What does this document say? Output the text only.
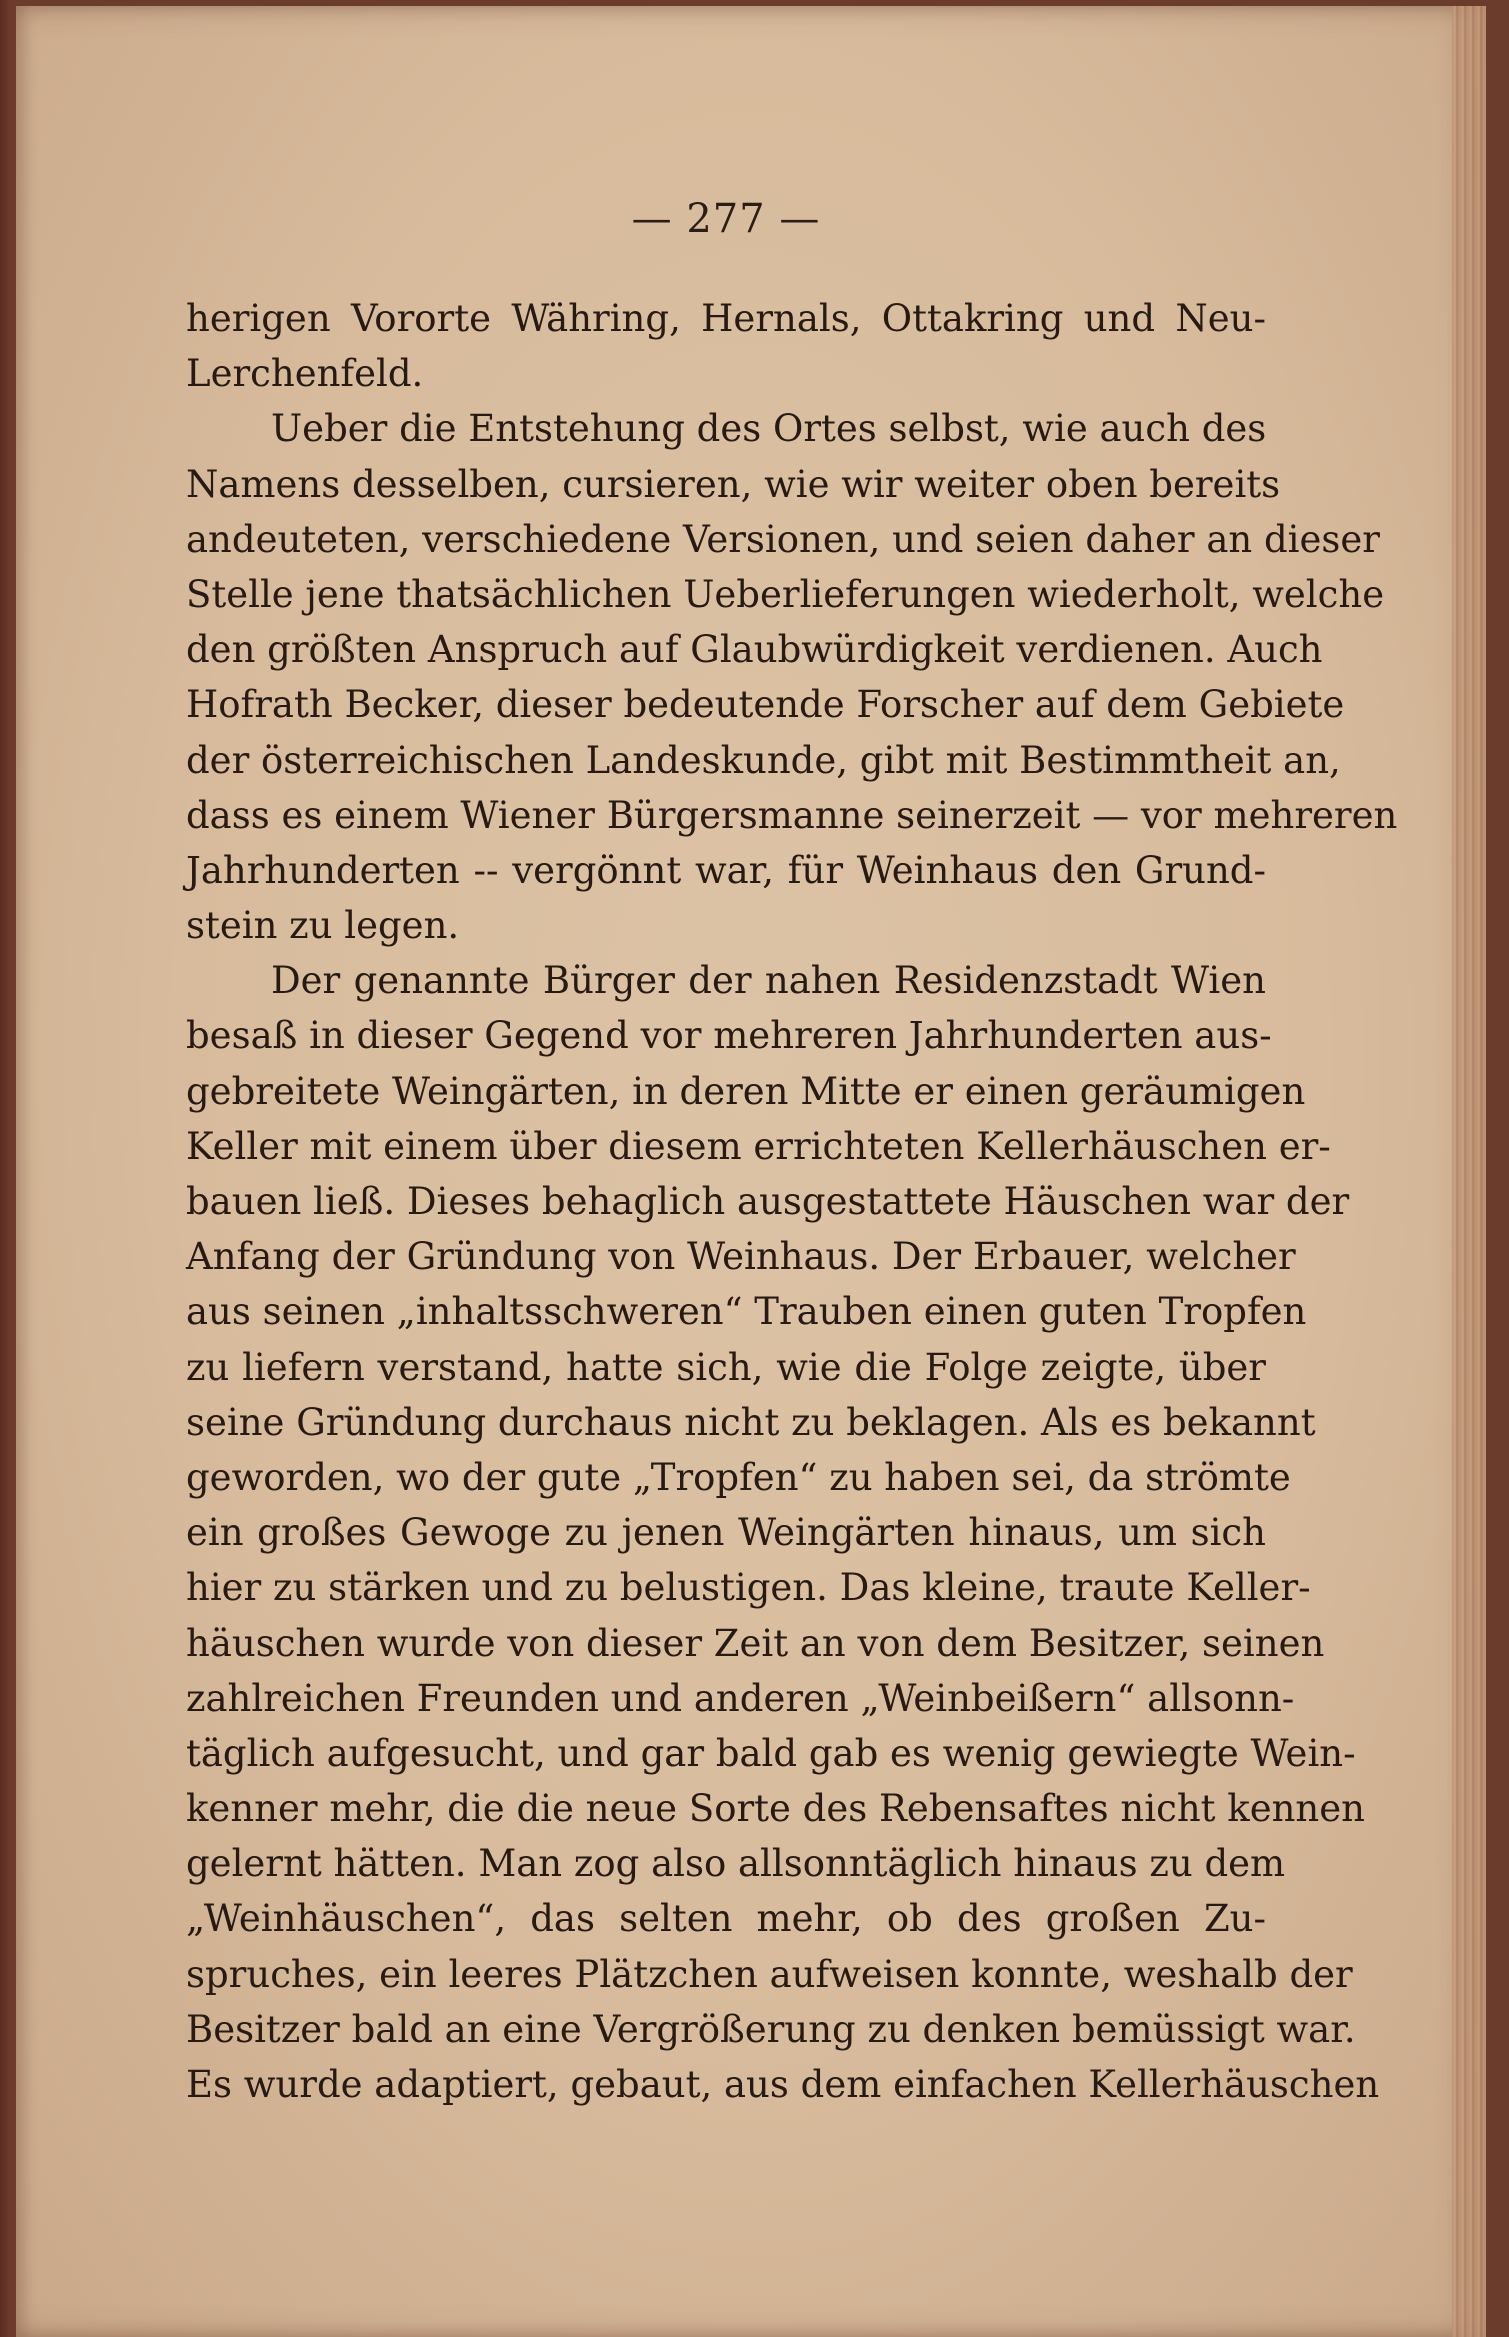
— 277 —
herigen Vororte Währing, Hernals, Ottakring und Neu-
Lerchenfeld.
Ueber die Entstehung des Ortes selbst, wie auch des
Namens desselben, cursieren, wie wir weiter oben bereits
andeuteten, verschiedene Versionen, und seien daher an dieser
Stelle jene thatsächlichen Ueberlieferungen wiederholt, welche
den größten Anspruch auf Glaubwürdigkeit verdienen. Auch
Hofrath Becker, dieser bedeutende Forscher auf dem Gebiete
der österreichischen Landeskunde, gibt mit Bestimmtheit an,
dass es einem Wiener Bürgersmanne seinerzeit — vor mehreren
Jahrhunderten -- vergönnt war, für Weinhaus den Grund-
stein zu legen.
Der genannte Bürger der nahen Residenzstadt Wien
besaß in dieser Gegend vor mehreren Jahrhunderten aus-
gebreitete Weingärten, in deren Mitte er einen geräumigen
Keller mit einem über diesem errichteten Kellerhäuschen er-
bauen ließ. Dieses behaglich ausgestattete Häuschen war der
Anfang der Gründung von Weinhaus. Der Erbauer, welcher
aus seinen „inhaltsschweren“ Trauben einen guten Tropfen
zu liefern verstand, hatte sich, wie die Folge zeigte, über
seine Gründung durchaus nicht zu beklagen. Als es bekannt
geworden, wo der gute „Tropfen“ zu haben sei, da strömte
ein großes Gewoge zu jenen Weingärten hinaus, um sich
hier zu stärken und zu belustigen. Das kleine, traute Keller-
häuschen wurde von dieser Zeit an von dem Besitzer, seinen
zahlreichen Freunden und anderen „Weinbeißern“ allsonn-
täglich aufgesucht, und gar bald gab es wenig gewiegte Wein-
kenner mehr, die die neue Sorte des Rebensaftes nicht kennen
gelernt hätten. Man zog also allsonntäglich hinaus zu dem
„Weinhäuschen“, das selten mehr, ob des großen Zu-
spruches, ein leeres Plätzchen aufweisen konnte, weshalb der
Besitzer bald an eine Vergrößerung zu denken bemüssigt war.
Es wurde adaptiert, gebaut, aus dem einfachen Kellerhäuschen
